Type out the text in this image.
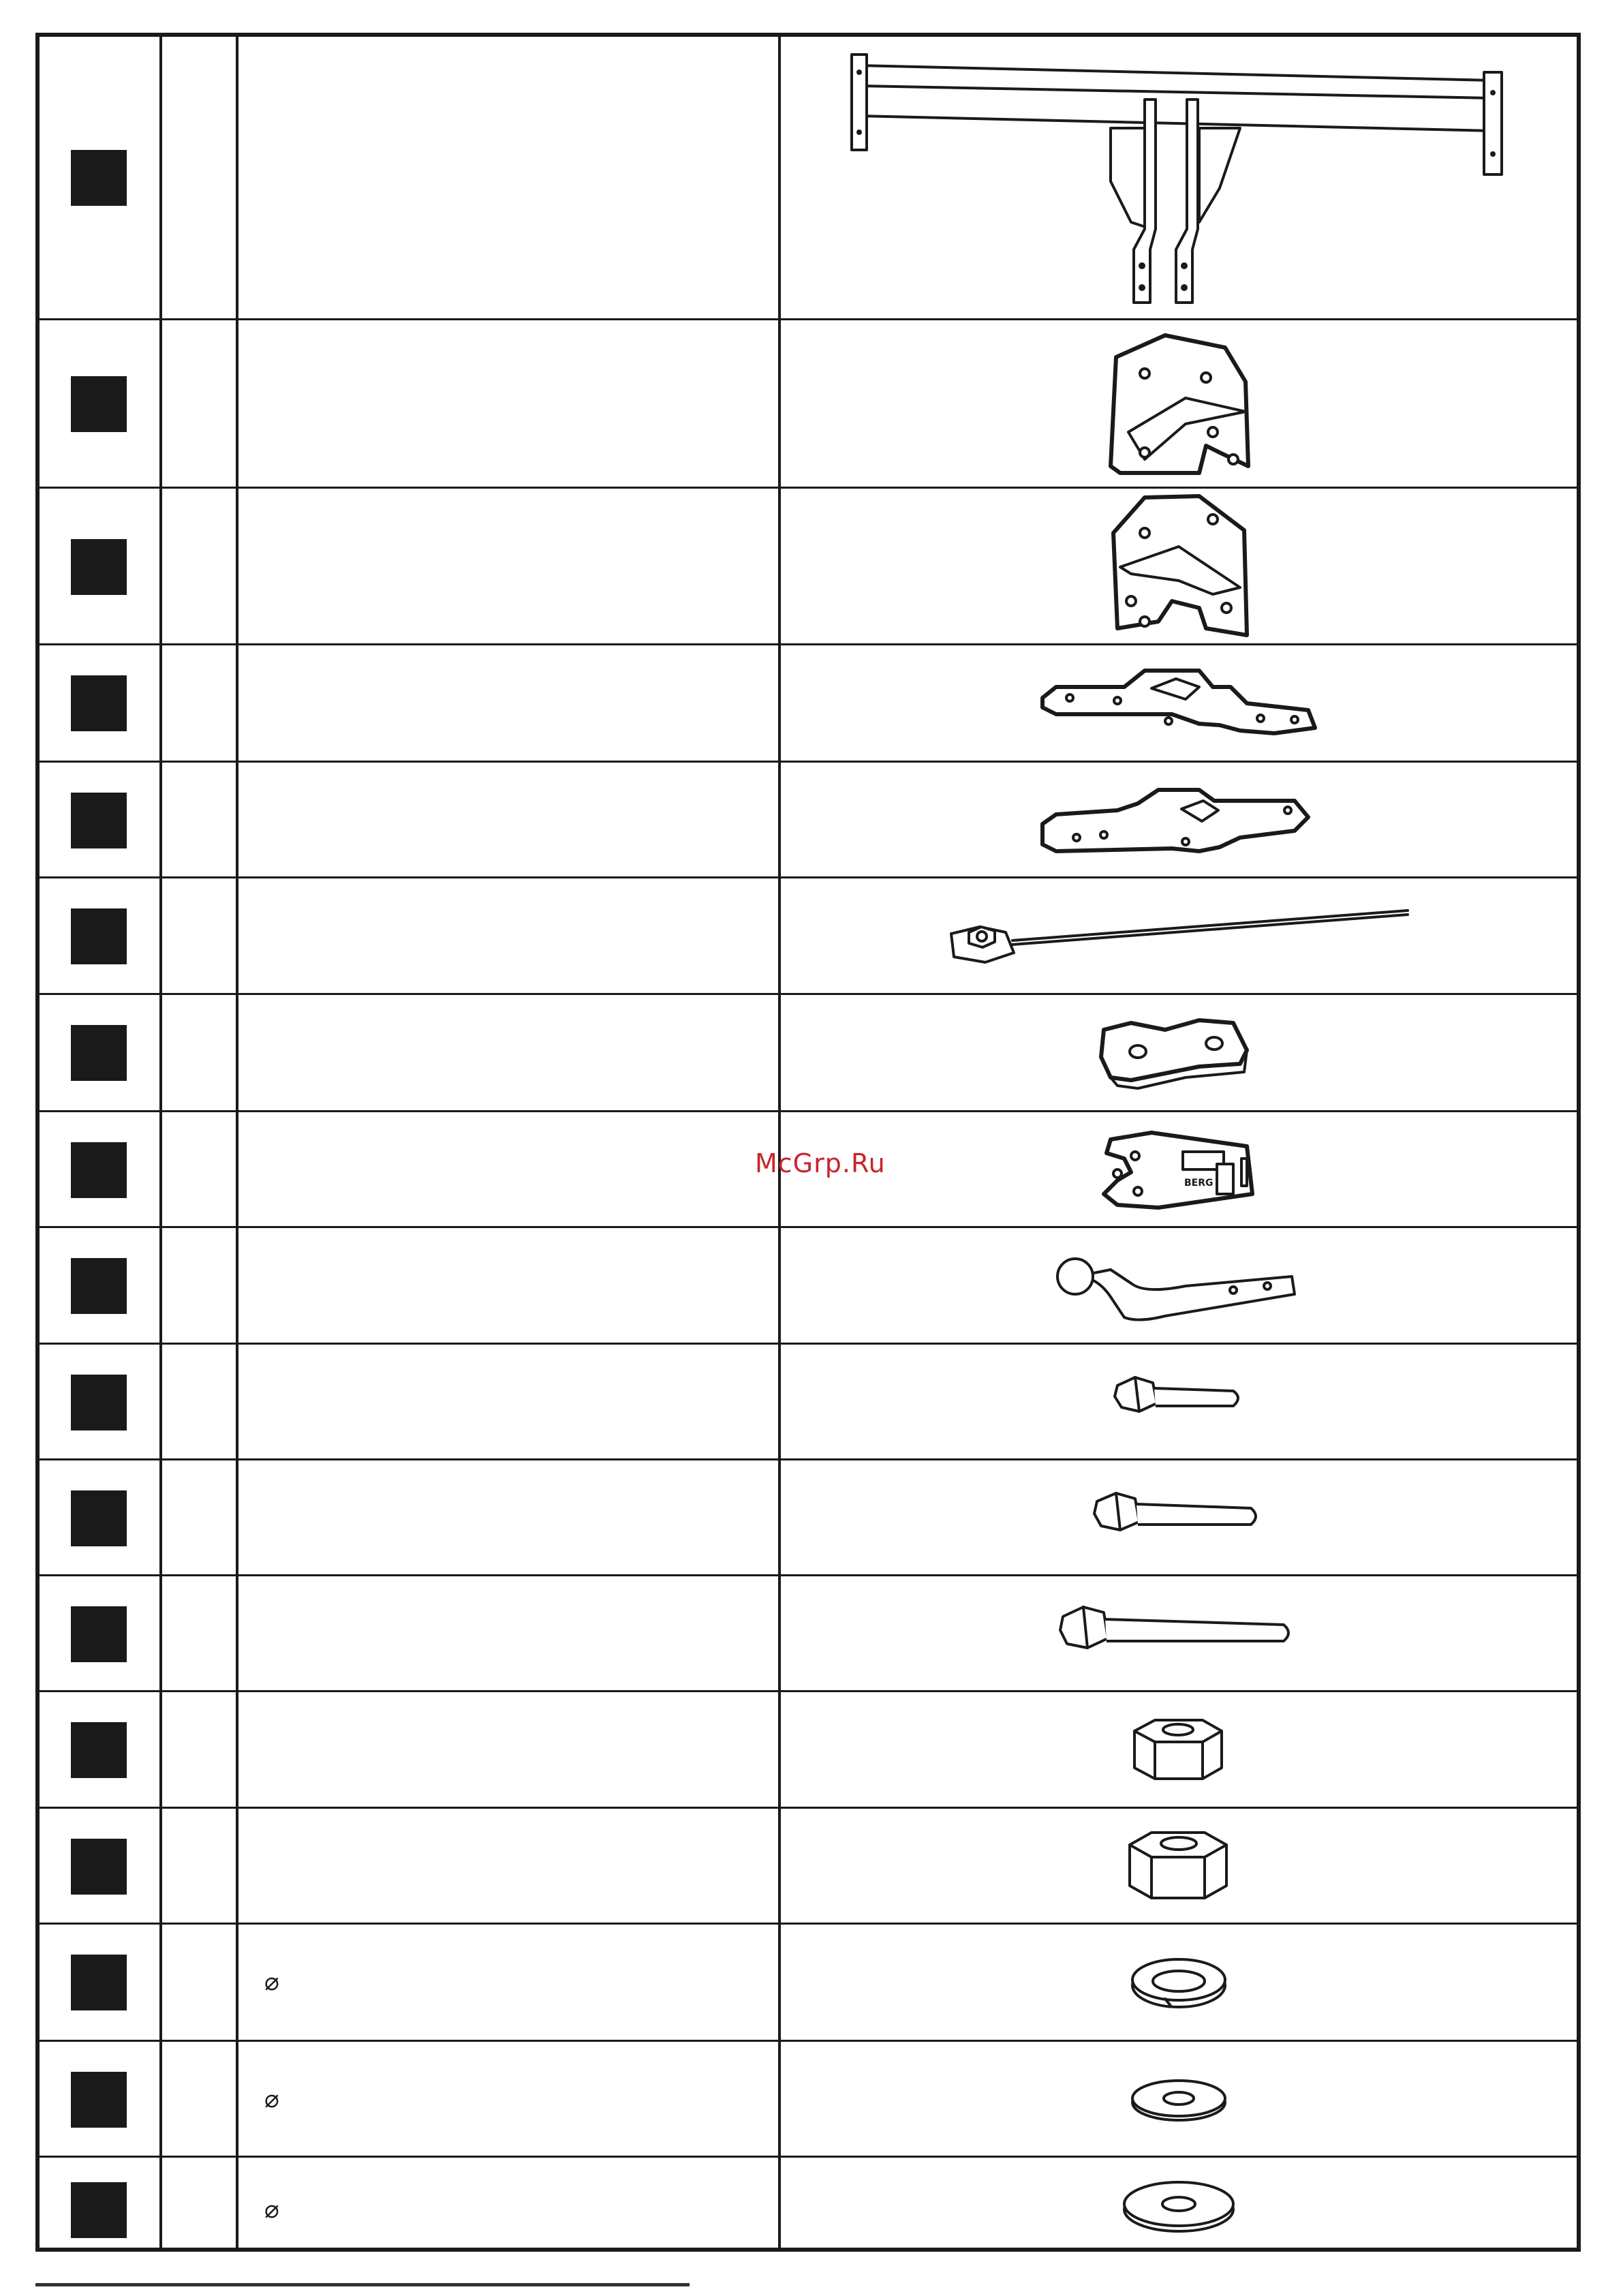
BERG
⌀
⌀
⌀
McGrp.Ru
